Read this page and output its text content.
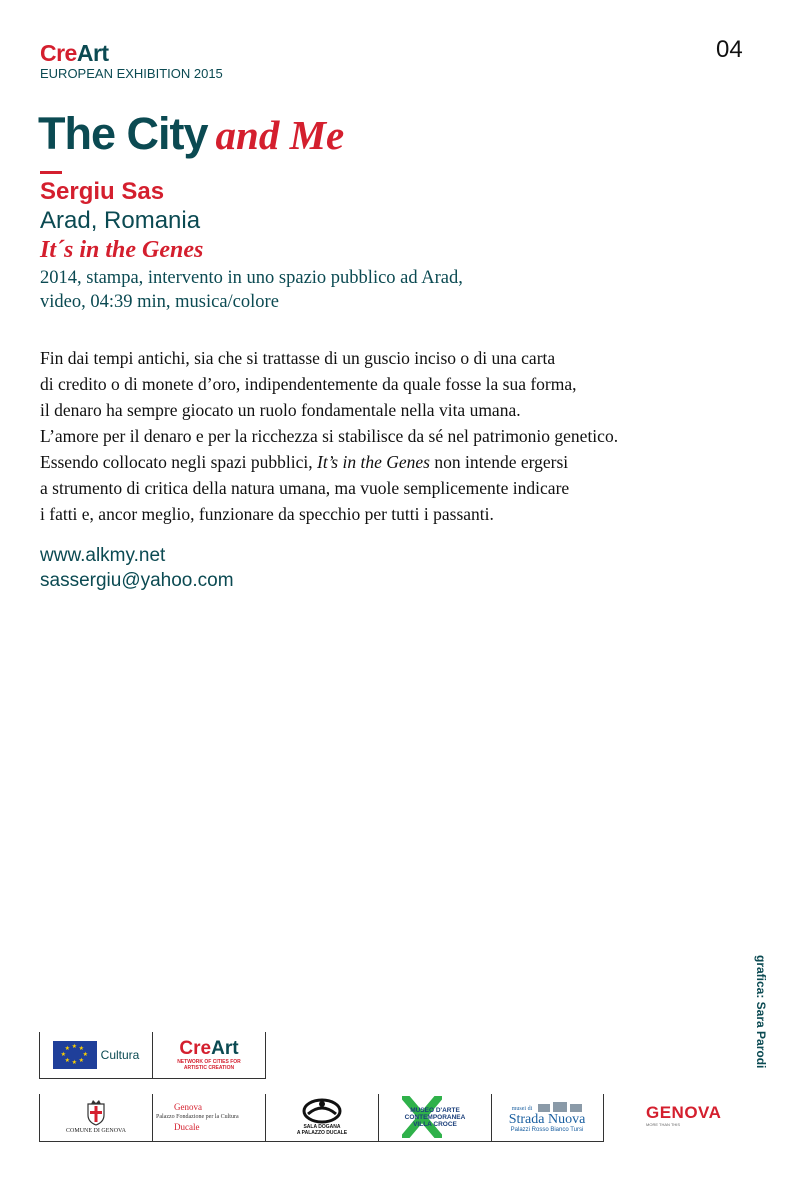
CreArt
EUROPEAN EXHIBITION 2015
04
The City and Me
Sergiu Sas
Arad, Romania
It´s in the Genes
2014, stampa, intervento in uno spazio pubblico ad Arad,
video, 04:39 min, musica/colore
Fin dai tempi antichi, sia che si trattasse di un guscio inciso o di una carta
di credito o di monete d’oro, indipendentemente da quale fosse la sua forma,
il denaro ha sempre giocato un ruolo fondamentale nella vita umana.
L’amore per il denaro e per la ricchezza si stabilisce da sé nel patrimonio genetico.
Essendo collocato negli spazi pubblici, It’s in the Genes non intende ergersi
a strumento di critica della natura umana, ma vuole semplicemente indicare
i fatti e, ancor meglio, funzionare da specchio per tutti i passanti.
www.alkmy.net
sassergiu@yahoo.com
grafica: Sara Parodi
★ ★
★
★
★
★
★
★	Cultura CreArt
NETWORK OF CITIES FOR
ARTISTIC CREATION
COMUNE DI GENOVA
Genova
Palazzo Fondazione per la Cultura
Ducale	SALA DOGANA
A PALAZZO DUCALE
MUSEO D'ARTE
CONTEMPORANEA
VILLA CROCE
musei di
Strada Nuova
Palazzi Rosso Bianco Tursi
GENOVA
MORE THAN THIS
